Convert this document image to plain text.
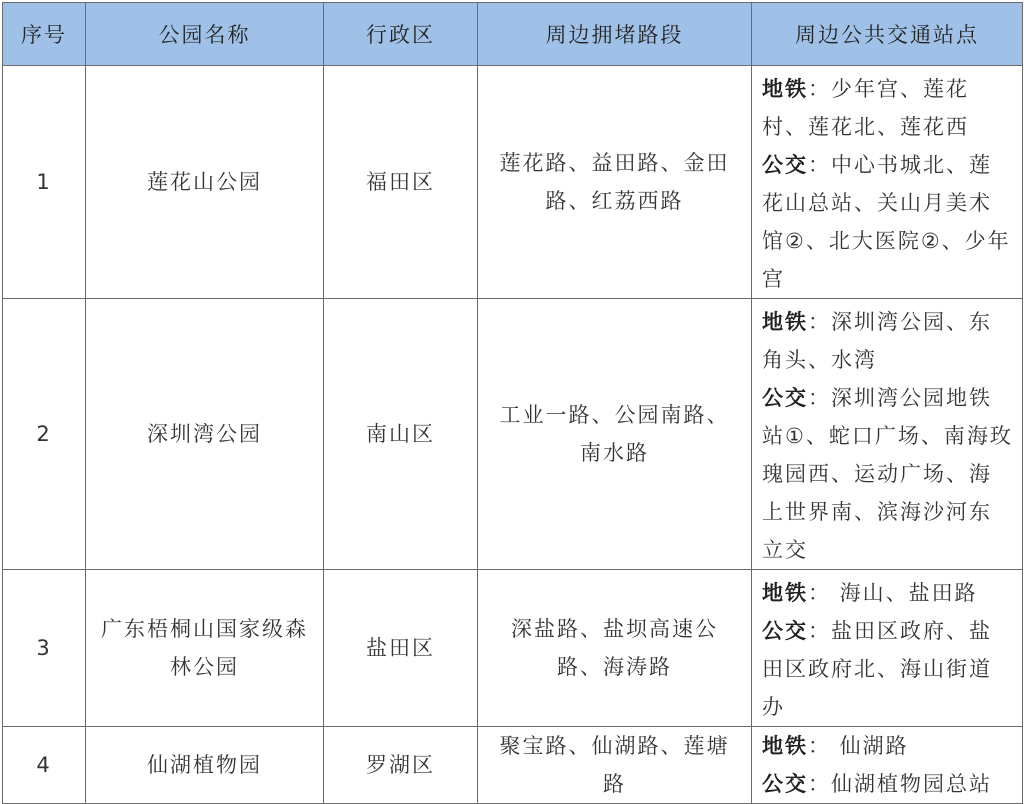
序号	公园名称	行政区	周边拥堵路段	周边公共交通站点
1	莲花山公园	福田区	莲花路、益田路、金田路、红荔西路	地铁：少年宫、莲花村、莲花北、莲花西
公交：中心书城北、莲花山总站、关山月美术馆②、北大医院②、少年宫

2	深圳湾公园	南山区	工业一路、公园南路、南水路	地铁：深圳湾公园、东角头、水湾
公交：深圳湾公园地铁站①、蛇口广场、南海玫瑰园西、运动广场、海上世界南、滨海沙河东立交

3	广东梧桐山国家级森林公园	盐田区	深盐路、盐坝高速公路、海涛路	地铁： 海山、盐田路
公交：盐田区政府、盐田区政府北、海山街道办

4	仙湖植物园	罗湖区	聚宝路、仙湖路、莲塘路	地铁： 仙湖路
公交：仙湖植物园总站
